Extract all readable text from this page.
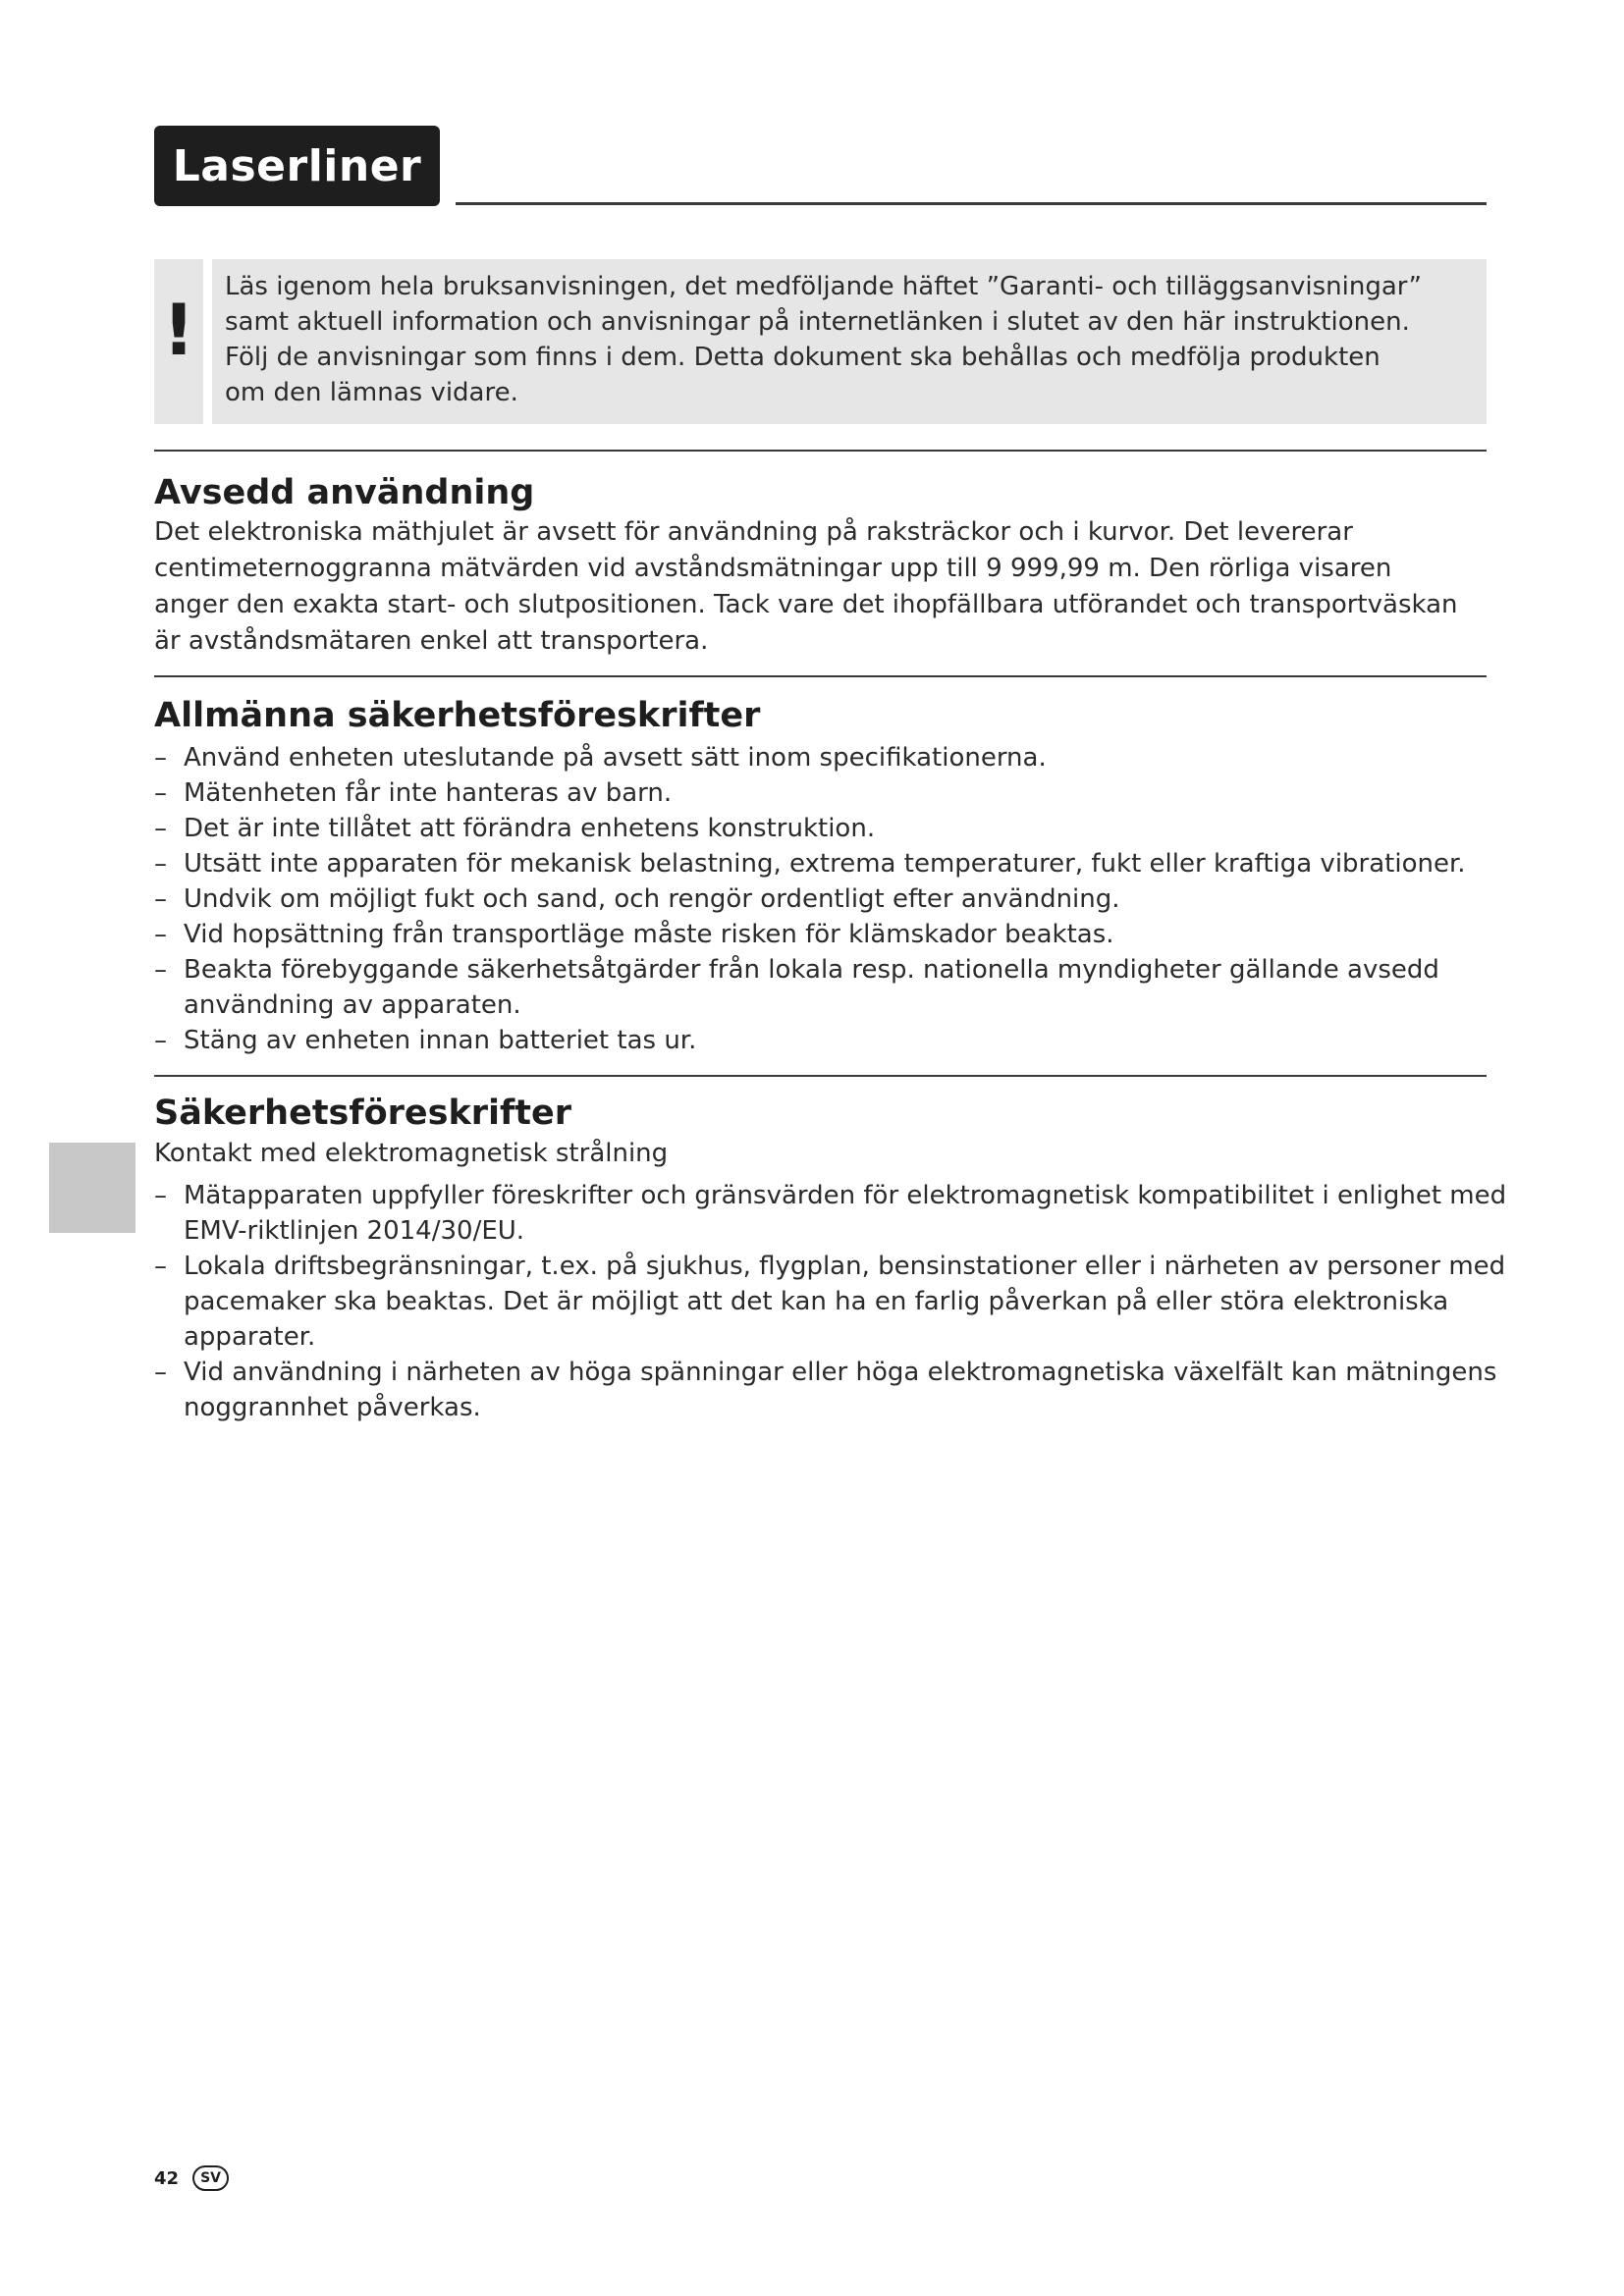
Laserliner
!
Läs igenom hela bruksanvisningen, det medföljande häftet ”Garanti- och tilläggsanvisningar”
samt aktuell information och anvisningar på internetlänken i slutet av den här instruktionen.
Följ de anvisningar som finns i dem. Detta dokument ska behållas och medfölja produkten
om den lämnas vidare.
Avsedd användning
Det elektroniska mäthjulet är avsett för användning på raksträckor och i kurvor. Det levererar
centimeternoggranna mätvärden vid avståndsmätningar upp till 9 999,99 m. Den rörliga visaren
anger den exakta start- och slutpositionen. Tack vare det ihopfällbara utförandet och transportväskan
är avståndsmätaren enkel att transportera.
Allmänna säkerhetsföreskrifter
– Använd enheten uteslutande på avsett sätt inom specifikationerna.
– Mätenheten får inte hanteras av barn.
– Det är inte tillåtet att förändra enhetens konstruktion.
– Utsätt inte apparaten för mekanisk belastning, extrema temperaturer, fukt eller kraftiga vibrationer.
– Undvik om möjligt fukt och sand, och rengör ordentligt efter användning.
– Vid hopsättning från transportläge måste risken för klämskador beaktas.
– Beakta förebyggande säkerhetsåtgärder från lokala resp. nationella myndigheter gällande avsedd
användning av apparaten.
– Stäng av enheten innan batteriet tas ur.
Säkerhetsföreskrifter
Kontakt med elektromagnetisk strålning
– Mätapparaten uppfyller föreskrifter och gränsvärden för elektromagnetisk kompatibilitet i enlighet med
EMV-riktlinjen 2014/30/EU.
– Lokala driftsbegränsningar, t.ex. på sjukhus, flygplan, bensinstationer eller i närheten av personer med
pacemaker ska beaktas. Det är möjligt att det kan ha en farlig påverkan på eller störa elektroniska
apparater.
– Vid användning i närheten av höga spänningar eller höga elektromagnetiska växelfält kan mätningens
noggrannhet påverkas.
42	SV
